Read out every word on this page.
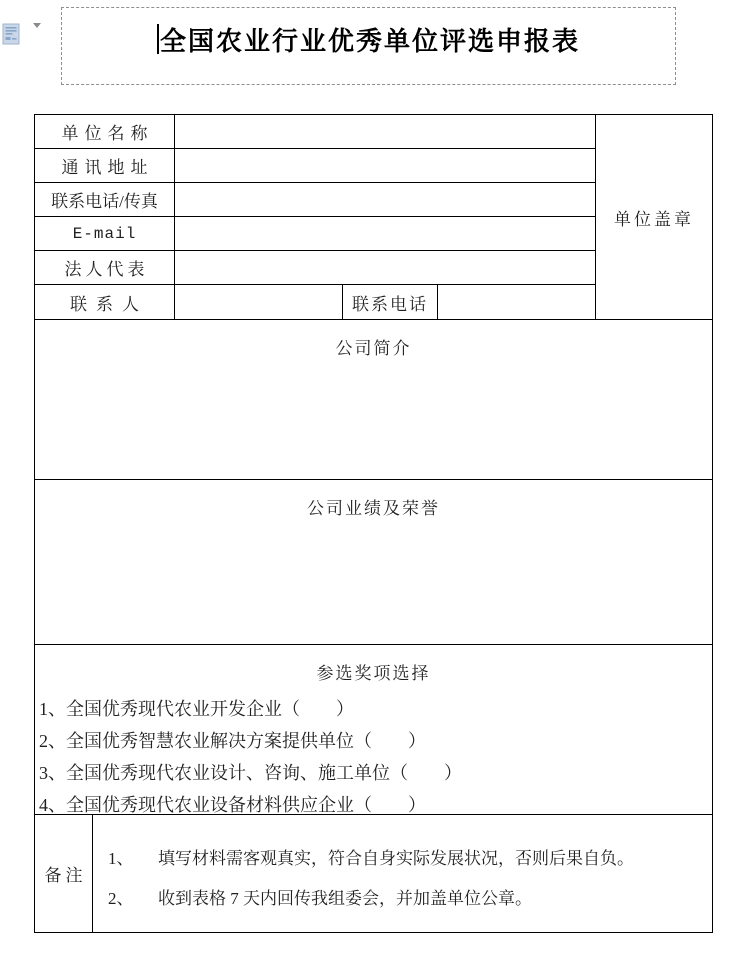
全国农业行业优秀单位评选申报表
单位名称
通讯地址
联系电话/传真
E-mail
法人代表
联系人	联系电话
单位盖章
公司简介
公司业绩及荣誉
参选奖项选择
1、全国优秀现代农业开发企业（　　）
2、全国优秀智慧农业解决方案提供单位（　　）
3、全国优秀现代农业设计、咨询、施工单位（　　）
4、全国优秀现代农业设备材料供应企业（　　）
备注
1、	填写材料需客观真实，符合自身实际发展状况，否则后果自负。
2、	收到表格 7 天内回传我组委会，并加盖单位公章。
